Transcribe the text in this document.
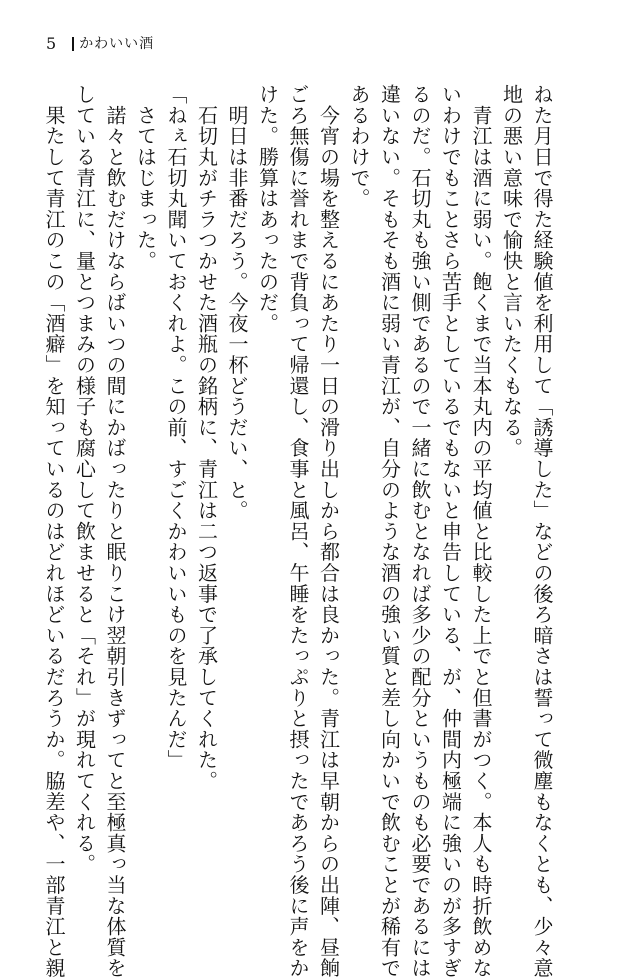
5 かわいい酒
ねた月日で得た経験値を利用して「誘導した」などの後ろ暗さは誓って微塵もなくとも、少々意
地の悪い意味で愉快と言いたくもなる。
　青江は酒に弱い。飽くまで当本丸内の平均値と比較した上でと但書がつく。本人も時折飲めな
いわけでもことさら苦手としているでもないと申告している、が、仲間内極端に強いのが多すぎ
るのだ。石切丸も強い側であるので一緒に飲むとなれば多少の配分というものも必要であるには
違いない。そもそも酒に弱い青江が、自分のような酒の強い質と差し向かいで飲むことが稀有で
あるわけで。
　今宵の場を整えるにあたり一日の滑り出しから都合は良かった。青江は早朝からの出陣、昼餉
ごろ無傷に誉れまで背負って帰還し、食事と風呂、午睡をたっぷりと摂ったであろう後に声をか
けた。勝算はあったのだ。
　明日は非番だろう。今夜一杯どうだい、と。
　石切丸がチラつかせた酒瓶の銘柄に、青江は二つ返事で了承してくれた。
「ねぇ石切丸聞いておくれよ。この前、すごくかわいいものを見たんだ」
　さてはじまった。
　諾々と飲むだけならばいつの間にかばったりと眠りこけ翌朝引きずってと至極真っ当な体質を
している青江に、量とつまみの様子も腐心して飲ませると「それ」が現れてくれる。
　果たして青江のこの「酒癖」を知っているのはどれほどいるだろうか。脇差や、一部青江と親
